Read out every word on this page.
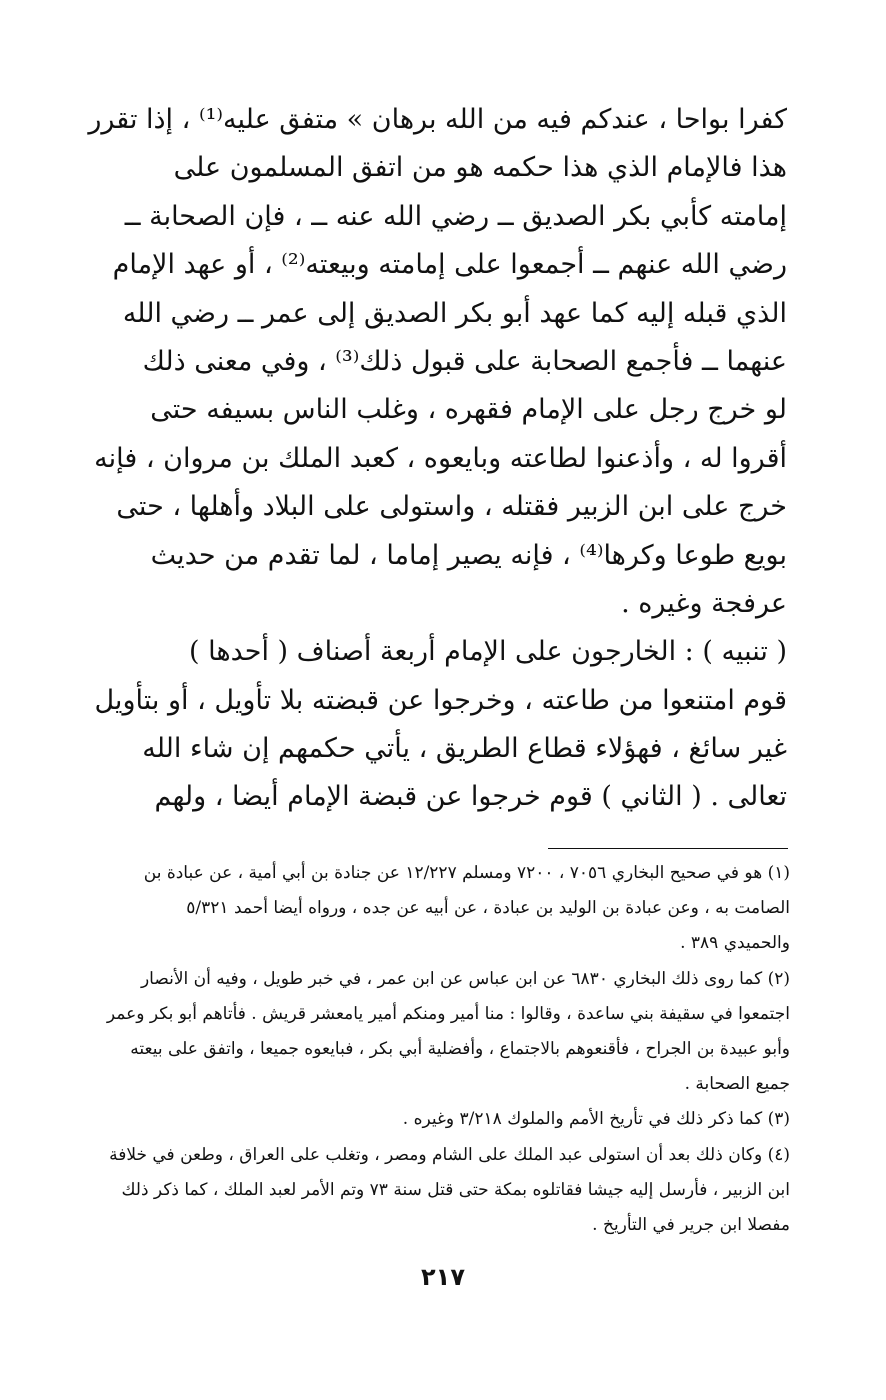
كفرا بواحا ، عندكم فيه من الله برهان » متفق عليه⁽¹⁾ ، إذا تقرر
هذا فالإمام الذي هذا حكمه هو من اتفق المسلمون على
إمامته كأبي بكر الصديق ــ رضي الله عنه ــ ، فإن الصحابة ــ
رضي الله عنهم ــ أجمعوا على إمامته وبيعته⁽²⁾ ، أو عهد الإمام
الذي قبله إليه كما عهد أبو بكر الصديق إلى عمر ــ رضي الله
عنهما ــ فأجمع الصحابة على قبول ذلك⁽³⁾ ، وفي معنى ذلك
لو خرج رجل على الإمام فقهره ، وغلب الناس بسيفه حتى
أقروا له ، وأذعنوا لطاعته وبايعوه ، كعبد الملك بن مروان ، فإنه
خرج على ابن الزبير فقتله ، واستولى على البلاد وأهلها ، حتى
بويع طوعا وكرها⁽⁴⁾ ، فإنه يصير إماما ، لما تقدم من حديث
عرفجة وغيره .
( تنبيه ) : الخارجون على الإمام أربعة أصناف ( أحدها )
قوم امتنعوا من طاعته ، وخرجوا عن قبضته بلا تأويل ، أو بتأويل
غير سائغ ، فهؤلاء قطاع الطريق ، يأتي حكمهم إن شاء الله
تعالى . ( الثاني ) قوم خرجوا عن قبضة الإمام أيضا ، ولهم
(١) هو في صحيح البخاري ٧٠٥٦ ، ٧٢٠٠ ومسلم ١٢/٢٢٧ عن جنادة بن أبي أمية ، عن عبادة بن
الصامت به ، وعن عبادة بن الوليد بن عبادة ، عن أبيه عن جده ، ورواه أيضا أحمد ٥/٣٢١
والحميدي ٣٨٩ .
(٢) كما روى ذلك البخاري ٦٨٣٠ عن ابن عباس عن ابن عمر ، في خبر طويل ، وفيه أن الأنصار
اجتمعوا في سقيفة بني ساعدة ، وقالوا : منا أمير ومنكم أمير يامعشر قريش . فأتاهم أبو بكر وعمر
وأبو عبيدة بن الجراح ، فأقنعوهم بالاجتماع ، وأفضلية أبي بكر ، فبايعوه جميعا ، واتفق على بيعته
جميع الصحابة .
(٣) كما ذكر ذلك في تأريخ الأمم والملوك ٣/٢١٨ وغيره .
(٤) وكان ذلك بعد أن استولى عبد الملك على الشام ومصر ، وتغلب على العراق ، وطعن في خلافة
ابن الزبير ، فأرسل إليه جيشا فقاتلوه بمكة حتى قتل سنة ٧٣ وتم الأمر لعبد الملك ، كما ذكر ذلك
مفصلا ابن جرير في التأريخ .
٢١٧
